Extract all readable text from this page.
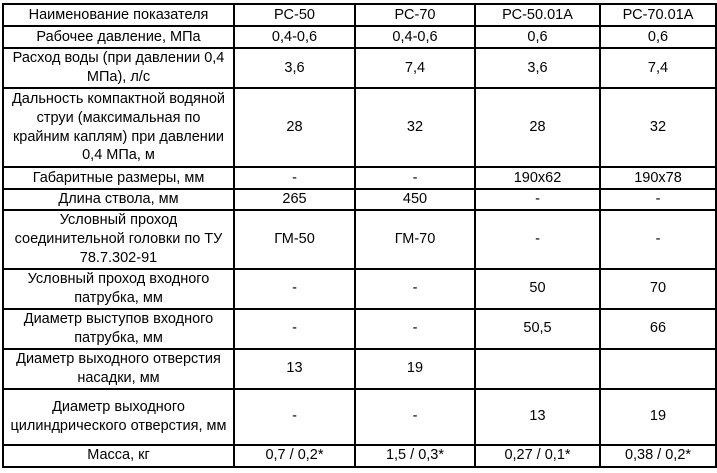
Наименование показателя	РС-50	РС-70	РС-50.01А	РС-70.01А
Рабочее давление, МПа	0,4-0,6	0,4-0,6	0,6	0,6
Расход воды (при давлении 0,4 МПа), л/с	3,6	7,4	3,6	7,4
Дальность компактной водяной струи (максимальная по крайним каплям) при давлении 0,4 МПа, м	28	32	28	32
Габаритные размеры, мм	-	-	190х62	190х78
Длина ствола, мм	265	450	-	-
Условный проход соединительной головки по ТУ 78.7.302-91	ГМ-50	ГМ-70	-	-
Условный проход входного патрубка, мм	-	-	50	70
Диаметр выступов входного патрубка, мм	-	-	50,5	66
Диаметр выходного отверстия насадки, мм	13	19		
Диаметр выходного цилиндрического отверстия, мм	-	-	13	19
Масса, кг	0,7 / 0,2*	1,5 / 0,3*	0,27 / 0,1*	0,38 / 0,2*
